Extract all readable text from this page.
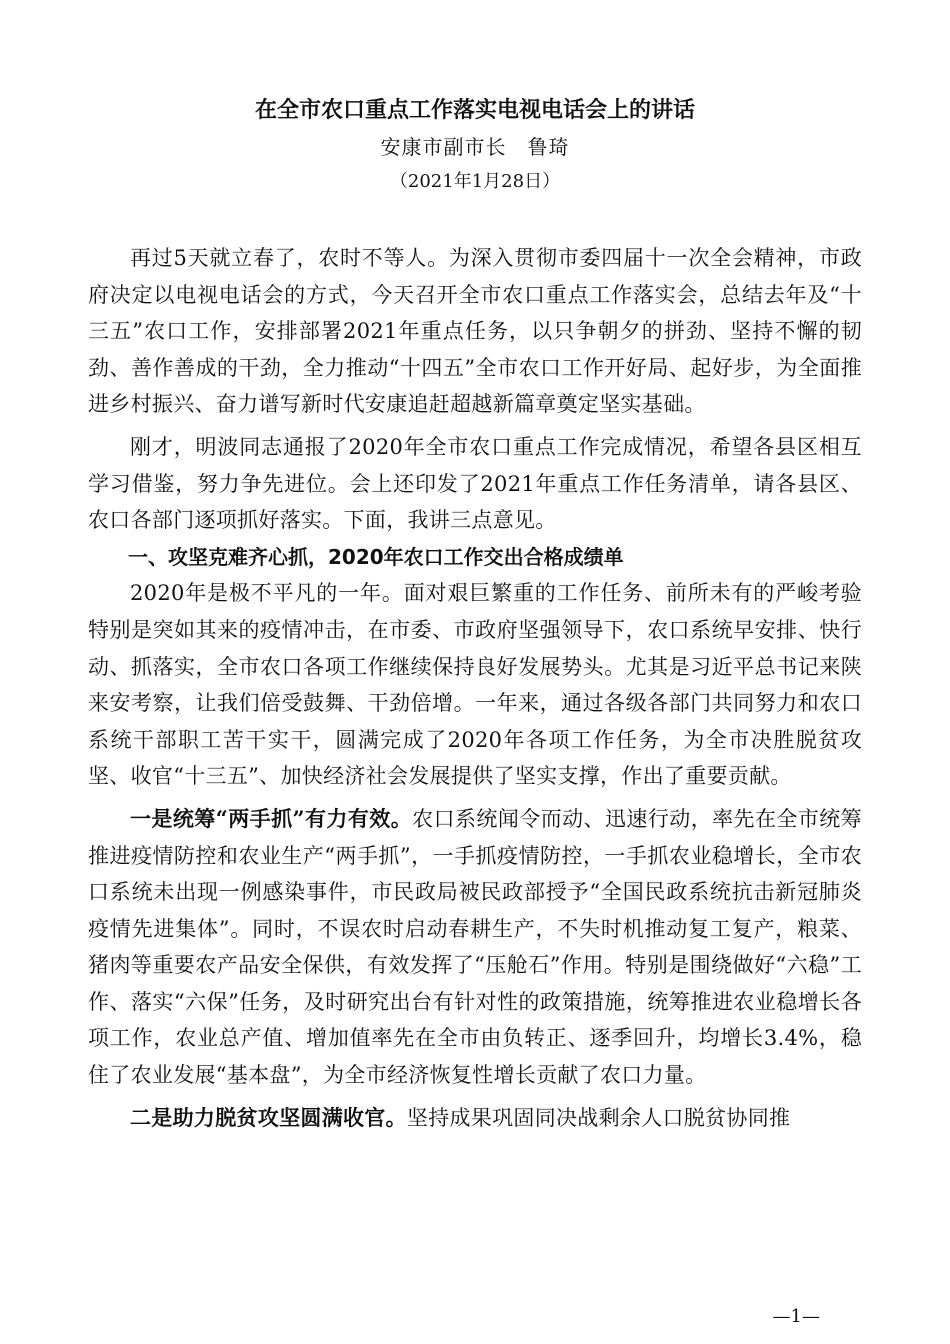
在全市农口重点工作落实电视电话会上的讲话
安康市副市长　鲁琦
（2021年1月28日）

再过5天就立春了，农时不等人。为深入贯彻市委四届十一次全会精神，市政府决定以电视电话会的方式，今天召开全市农口重点工作落实会，总结去年及“十三五”农口工作，安排部署2021年重点任务，以只争朝夕的拼劲、坚持不懈的韧劲、善作善成的干劲，全力推动“十四五”全市农口工作开好局、起好步，为全面推进乡村振兴、奋力谱写新时代安康追赶超越新篇章奠定坚实基础。

刚才，明波同志通报了2020年全市农口重点工作完成情况，希望各县区相互学习借鉴，努力争先进位。会上还印发了2021年重点工作任务清单，请各县区、农口各部门逐项抓好落实。下面，我讲三点意见。

一、攻坚克难齐心抓，2020年农口工作交出合格成绩单

2020年是极不平凡的一年。面对艰巨繁重的工作任务、前所未有的严峻考验特别是突如其来的疫情冲击，在市委、市政府坚强领导下，农口系统早安排、快行动、抓落实，全市农口各项工作继续保持良好发展势头。尤其是习近平总书记来陕来安考察，让我们倍受鼓舞、干劲倍增。一年来，通过各级各部门共同努力和农口系统干部职工苦干实干，圆满完成了2020年各项工作任务，为全市决胜脱贫攻坚、收官“十三五”、加快经济社会发展提供了坚实支撑，作出了重要贡献。

一是统筹“两手抓”有力有效。农口系统闻令而动、迅速行动，率先在全市统筹推进疫情防控和农业生产“两手抓”，一手抓疫情防控，一手抓农业稳增长，全市农口系统未出现一例感染事件，市民政局被民政部授予“全国民政系统抗击新冠肺炎疫情先进集体”。同时，不误农时启动春耕生产，不失时机推动复工复产，粮菜、猪肉等重要农产品安全保供，有效发挥了“压舱石”作用。特别是围绕做好“六稳”工作、落实“六保”任务，及时研究出台有针对性的政策措施，统筹推进农业稳增长各项工作，农业总产值、增加值率先在全市由负转正、逐季回升，均增长3.4%，稳住了农业发展“基本盘”，为全市经济恢复性增长贡献了农口力量。

二是助力脱贫攻坚圆满收官。坚持成果巩固同决战剩余人口脱贫协同推

—1—
